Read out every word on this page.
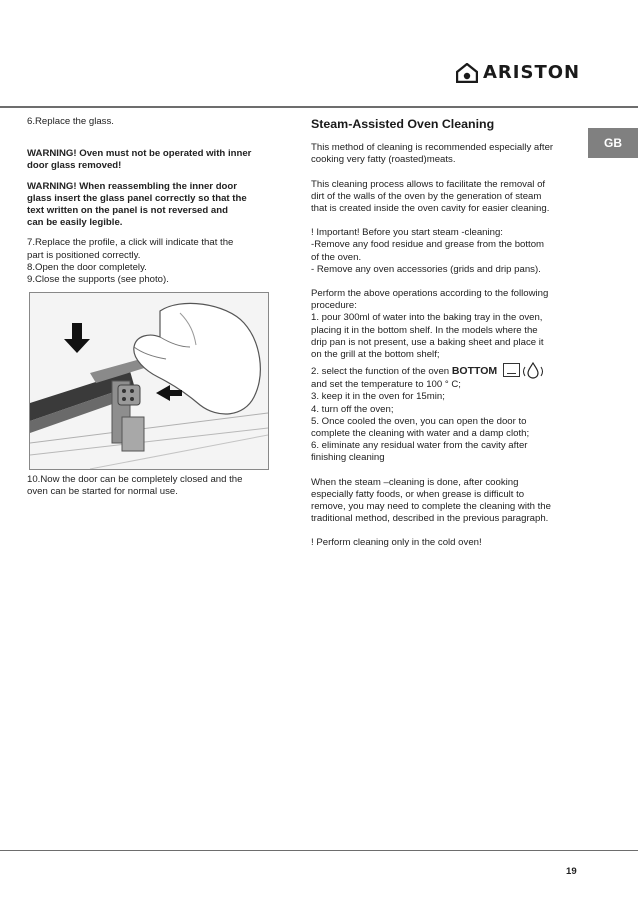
ARISTON
GB

6.Replace the glass.

WARNING! Oven must not be operated with inner
door glass removed!

WARNING! When reassembling the inner door
glass insert the glass panel correctly so that the
text written on the panel is not reversed and
can be easily legible.

7.Replace the profile, a click will indicate that the
part is positioned correctly.
8.Open the door completely.
9.Close the supports (see photo).

10.Now the door can be completely closed and the
oven can be started for normal use.

Steam-Assisted Oven Cleaning

This method of cleaning is recommended especially after
cooking very fatty (roasted)meats.

This cleaning process allows to facilitate the removal of
dirt of the walls of the oven by the generation of steam
that is created inside the oven cavity for easier cleaning.

! Important! Before you start steam -cleaning:
-Remove any food residue and grease from the bottom
of the oven.
- Remove any oven accessories (grids and drip pans).

Perform the above operations according to the following
procedure:
1. pour 300ml of water into the baking tray in the oven,
placing it in the bottom shelf. In the models where the
drip pan is not present, use a baking sheet and place it
on the grill at the bottom shelf;
2. select the function of the oven BOTTOM
and set the temperature to 100 ° C;
3. keep it in the oven for 15min;
4. turn off the oven;
5. Once cooled the oven, you can open the door to
complete the cleaning with water and a damp cloth;
6. eliminate any residual water from the cavity after
finishing cleaning

When the steam –cleaning is done, after cooking
especially fatty foods, or when grease is difficult to
remove, you may need to complete the cleaning with the
traditional method, described in the previous paragraph.

! Perform cleaning only in the cold oven!

19
